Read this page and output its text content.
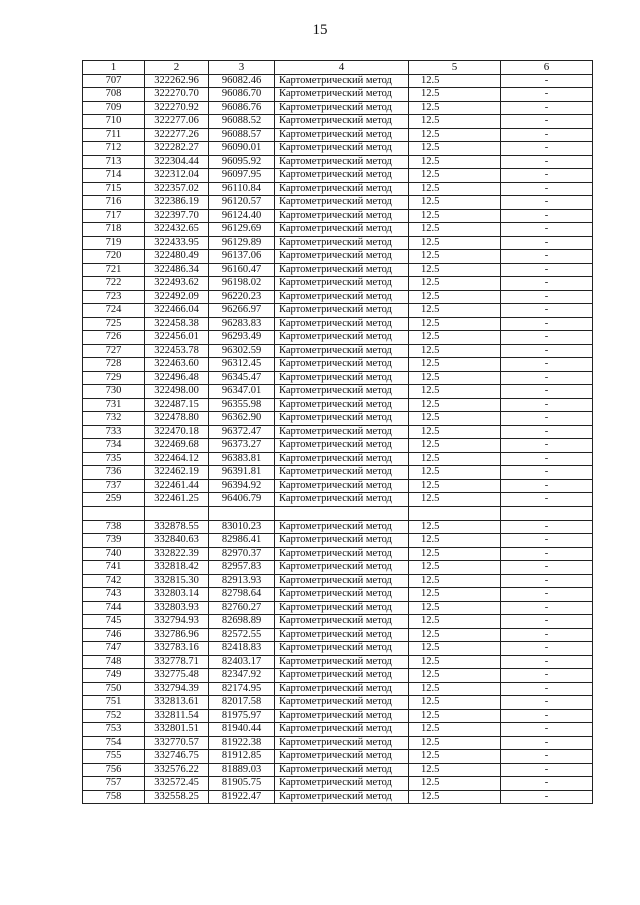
15
1	2	3	4	5	6
707	322262.96	96082.46	Картометрический метод	12.5	-
708	322270.70	96086.70	Картометрический метод	12.5	-
709	322270.92	96086.76	Картометрический метод	12.5	-
710	322277.06	96088.52	Картометрический метод	12.5	-
711	322277.26	96088.57	Картометрический метод	12.5	-
712	322282.27	96090.01	Картометрический метод	12.5	-
713	322304.44	96095.92	Картометрический метод	12.5	-
714	322312.04	96097.95	Картометрический метод	12.5	-
715	322357.02	96110.84	Картометрический метод	12.5	-
716	322386.19	96120.57	Картометрический метод	12.5	-
717	322397.70	96124.40	Картометрический метод	12.5	-
718	322432.65	96129.69	Картометрический метод	12.5	-
719	322433.95	96129.89	Картометрический метод	12.5	-
720	322480.49	96137.06	Картометрический метод	12.5	-
721	322486.34	96160.47	Картометрический метод	12.5	-
722	322493.62	96198.02	Картометрический метод	12.5	-
723	322492.09	96220.23	Картометрический метод	12.5	-
724	322466.04	96266.97	Картометрический метод	12.5	-
725	322458.38	96283.83	Картометрический метод	12.5	-
726	322456.01	96293.49	Картометрический метод	12.5	-
727	322453.78	96302.59	Картометрический метод	12.5	-
728	322463.60	96312.45	Картометрический метод	12.5	-
729	322496.48	96345.47	Картометрический метод	12.5	-
730	322498.00	96347.01	Картометрический метод	12.5	-
731	322487.15	96355.98	Картометрический метод	12.5	-
732	322478.80	96362.90	Картометрический метод	12.5	-
733	322470.18	96372.47	Картометрический метод	12.5	-
734	322469.68	96373.27	Картометрический метод	12.5	-
735	322464.12	96383.81	Картометрический метод	12.5	-
736	322462.19	96391.81	Картометрический метод	12.5	-
737	322461.44	96394.92	Картометрический метод	12.5	-
259	322461.25	96406.79	Картометрический метод	12.5	-

738	332878.55	83010.23	Картометрический метод	12.5	-
739	332840.63	82986.41	Картометрический метод	12.5	-
740	332822.39	82970.37	Картометрический метод	12.5	-
741	332818.42	82957.83	Картометрический метод	12.5	-
742	332815.30	82913.93	Картометрический метод	12.5	-
743	332803.14	82798.64	Картометрический метод	12.5	-
744	332803.93	82760.27	Картометрический метод	12.5	-
745	332794.93	82698.89	Картометрический метод	12.5	-
746	332786.96	82572.55	Картометрический метод	12.5	-
747	332783.16	82418.83	Картометрический метод	12.5	-
748	332778.71	82403.17	Картометрический метод	12.5	-
749	332775.48	82347.92	Картометрический метод	12.5	-
750	332794.39	82174.95	Картометрический метод	12.5	-
751	332813.61	82017.58	Картометрический метод	12.5	-
752	332811.54	81975.97	Картометрический метод	12.5	-
753	332801.51	81940.44	Картометрический метод	12.5	-
754	332770.57	81922.38	Картометрический метод	12.5	-
755	332746.75	81912.85	Картометрический метод	12.5	-
756	332576.22	81889.03	Картометрический метод	12.5	-
757	332572.45	81905.75	Картометрический метод	12.5	-
758	332558.25	81922.47	Картометрический метод	12.5	-
